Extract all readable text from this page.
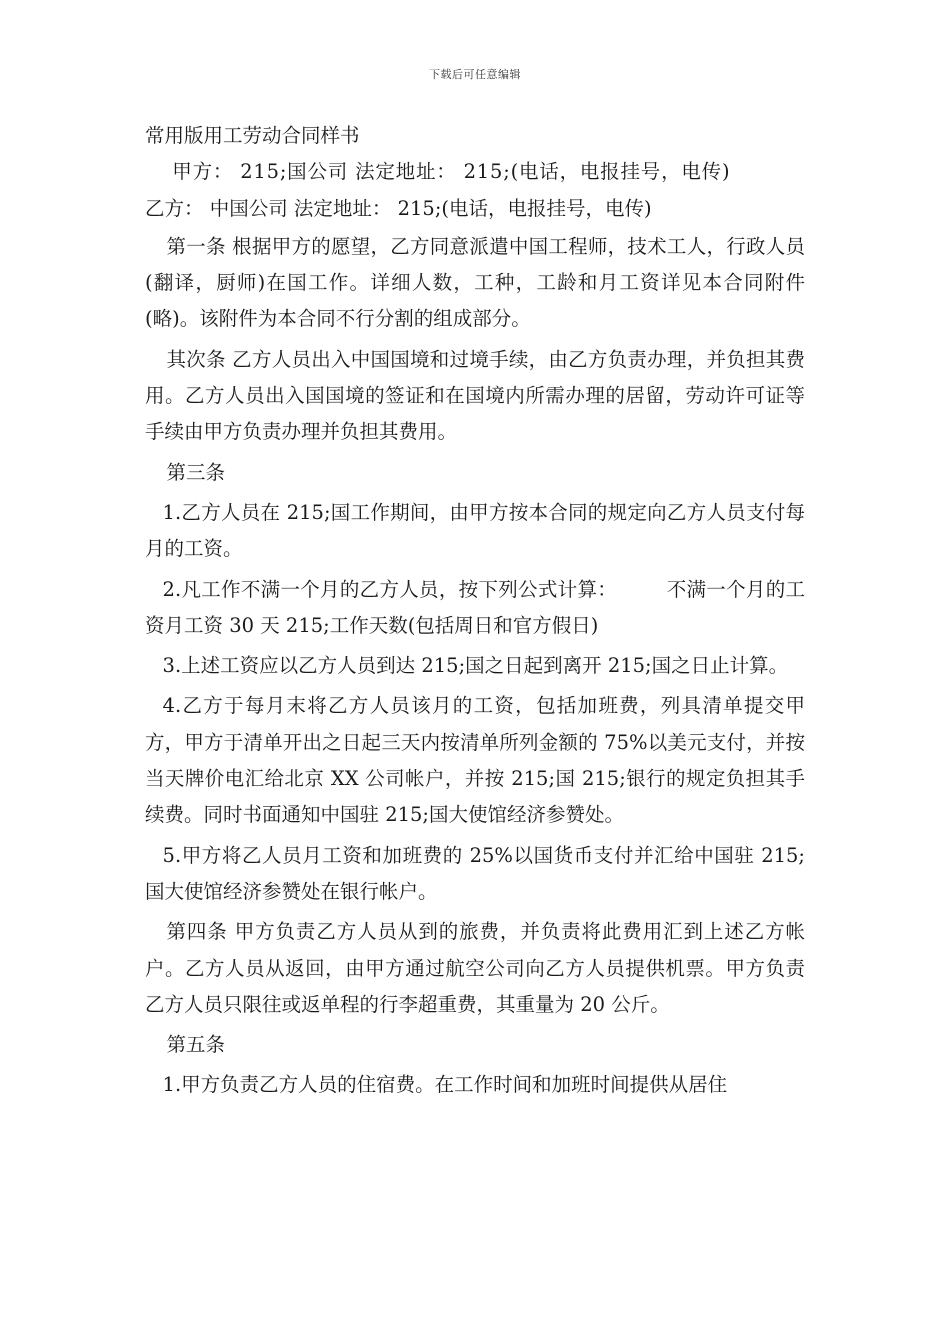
下载后可任意编辑

常用版用工劳动合同样书

甲方： 215;国公司 法定地址： 215;(电话，电报挂号，电传)

乙方： 中国公司 法定地址： 215;(电话，电报挂号，电传)

第一条 根据甲方的愿望，乙方同意派遣中国工程师，技术工人，行政人员(翻译，厨师)在国工作。详细人数，工种，工龄和月工资详见本合同附件(略)。该附件为本合同不行分割的组成部分。

其次条 乙方人员出入中国国境和过境手续，由乙方负责办理，并负担其费用。乙方人员出入国国境的签证和在国境内所需办理的居留，劳动许可证等手续由甲方负责办理并负担其费用。

第三条

1.乙方人员在 215;国工作期间，由甲方按本合同的规定向乙方人员支付每月的工资。

2.凡工作不满一个月的乙方人员，按下列公式计算：　　　不满一个月的工资月工资 30 天 215;工作天数(包括周日和官方假日)

3.上述工资应以乙方人员到达 215;国之日起到离开 215;国之日止计算。

4.乙方于每月末将乙方人员该月的工资，包括加班费，列具清单提交甲方，甲方于清单开出之日起三天内按清单所列金额的 75%以美元支付，并按当天牌价电汇给北京 XX 公司帐户，并按 215;国 215;银行的规定负担其手续费。同时书面通知中国驻 215;国大使馆经济参赞处。

5.甲方将乙人员月工资和加班费的 25%以国货币支付并汇给中国驻 215;国大使馆经济参赞处在银行帐户。

第四条 甲方负责乙方人员从到的旅费，并负责将此费用汇到上述乙方帐户。乙方人员从返回，由甲方通过航空公司向乙方人员提供机票。甲方负责乙方人员只限往或返单程的行李超重费，其重量为 20 公斤。

第五条

1.甲方负责乙方人员的住宿费。在工作时间和加班时间提供从居住
